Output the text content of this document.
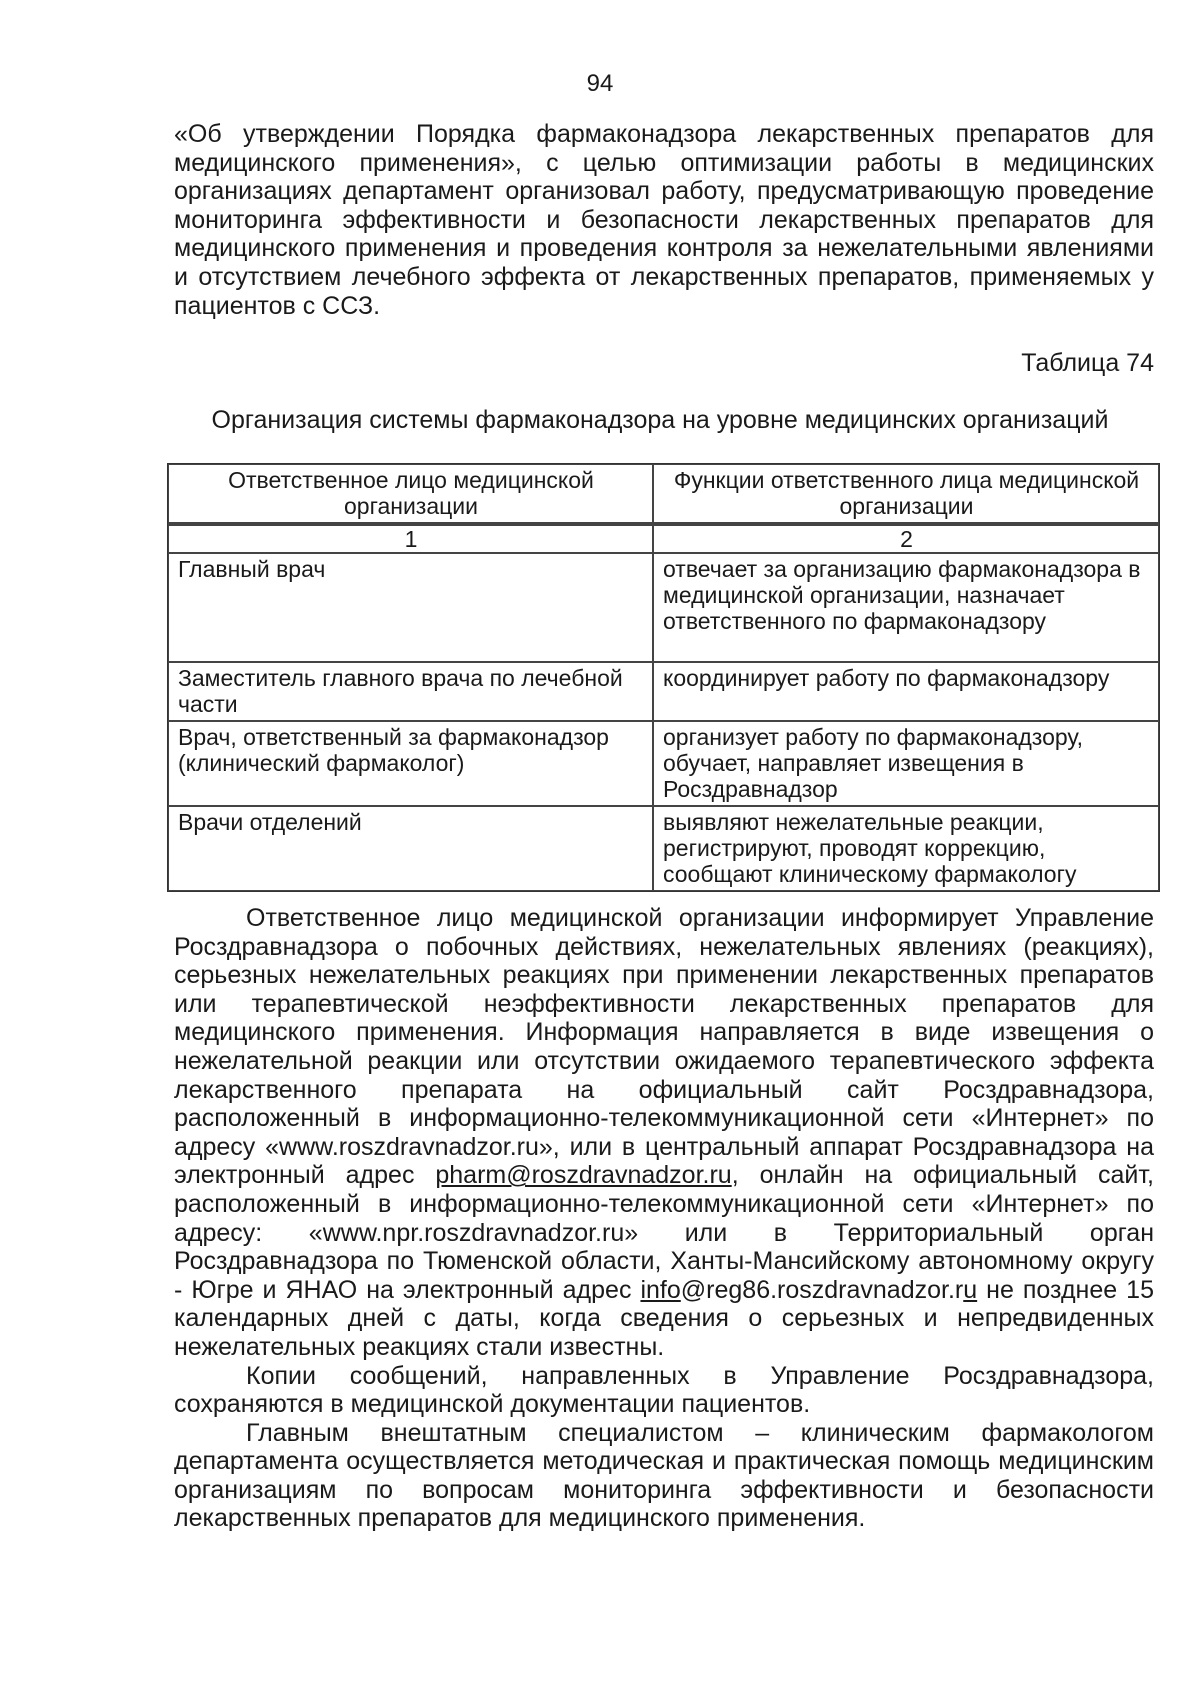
94
«Об утверждении Порядка фармаконадзора лекарственных препаратов для медицинского применения», с целью оптимизации работы в медицинских организациях департамент организовал работу, предусматривающую проведение мониторинга эффективности и безопасности лекарственных препаратов для медицинского применения и проведения контроля за нежелательными явлениями и отсутствием лечебного эффекта от лекарственных препаратов, применяемых у пациентов с ССЗ.
Таблица 74
Организация системы фармаконадзора на уровне медицинских организаций
Ответственное лицо медицинской организации	Функции ответственного лица медицинской организации
1	2
Главный врач	отвечает за организацию фармаконадзора в медицинской организации, назначает ответственного по фармаконадзору
Заместитель главного врача по лечебной части	координирует работу по фармаконадзору
Врач, ответственный за фармаконадзор (клинический фармаколог)	организует работу по фармаконадзору, обучает, направляет извещения в Росздравнадзор
Врачи отделений	выявляют нежелательные реакции, регистрируют, проводят коррекцию, сообщают клиническому фармакологу
Ответственное лицо медицинской организации информирует Управление Росздравнадзора о побочных действиях, нежелательных явлениях (реакциях), серьезных нежелательных реакциях при применении лекарственных препаратов или терапевтической неэффективности лекарственных препаратов для медицинского применения. Информация направляется в виде извещения о нежелательной реакции или отсутствии ожидаемого терапевтического эффекта лекарственного препарата на официальный сайт Росздравнадзора, расположенный в информационно-телекоммуникационной сети «Интернет» по адресу «www.roszdravnadzor.ru», или в центральный аппарат Росздравнадзора на электронный адрес pharm@roszdravnadzor.ru, онлайн на официальный сайт, расположенный в информационно-телекоммуникационной сети «Интернет» по адресу: «www.npr.roszdravnadzor.ru» или в Территориальный орган Росздравнадзора по Тюменской области, Ханты-Мансийскому автономному округу - Югре и ЯНАО на электронный адрес info@reg86.roszdravnadzor.ru не позднее 15 календарных дней с даты, когда сведения о серьезных и непредвиденных нежелательных реакциях стали известны.
Копии сообщений, направленных в Управление Росздравнадзора, сохраняются в медицинской документации пациентов.
Главным внештатным специалистом – клиническим фармакологом департамента осуществляется методическая и практическая помощь медицинским организациям по вопросам мониторинга эффективности и безопасности лекарственных препаратов для медицинского применения.
